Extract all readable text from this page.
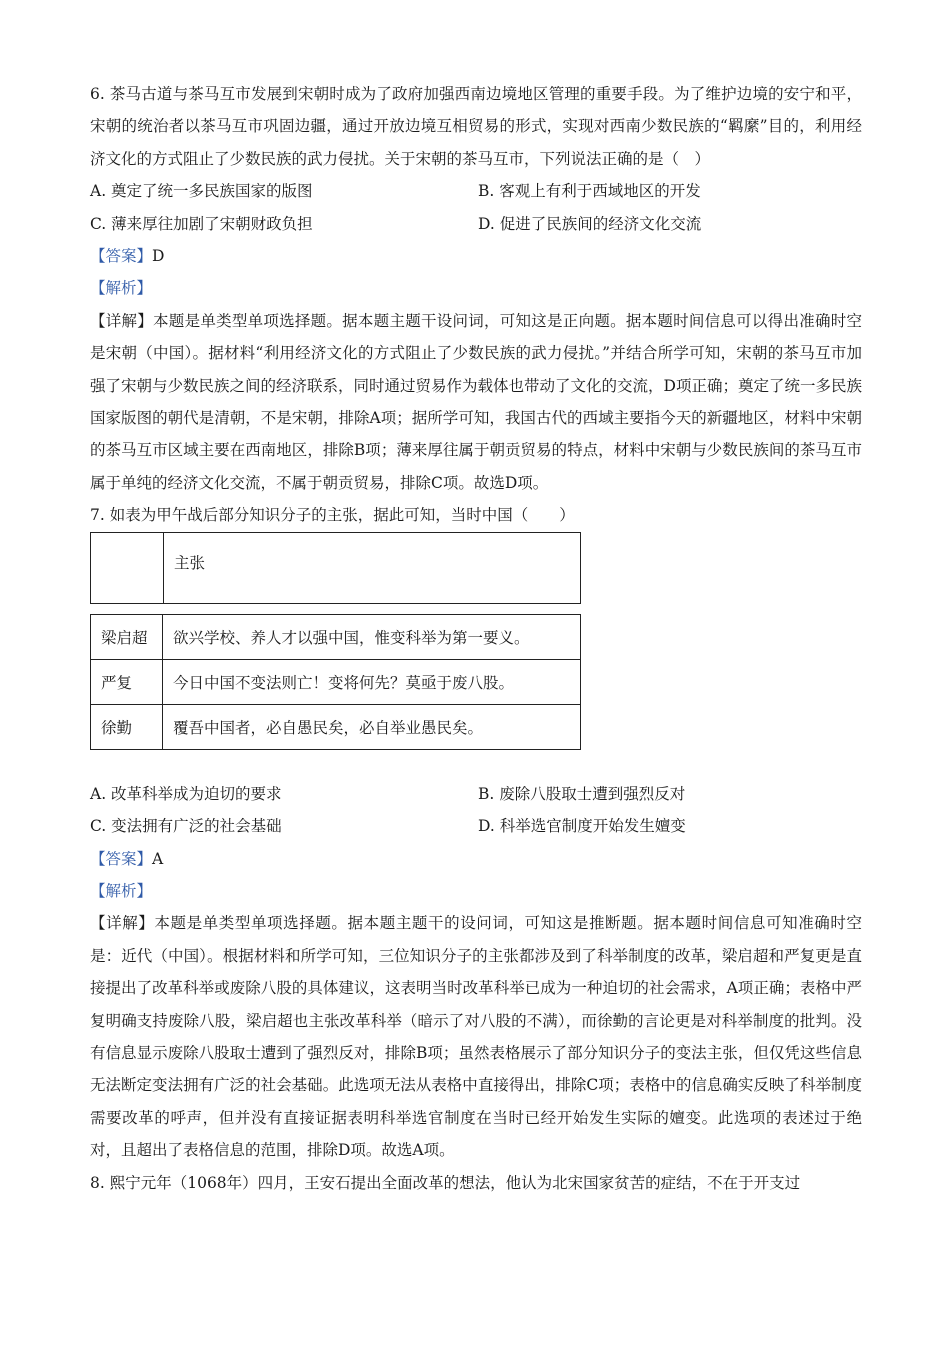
6. 茶马古道与茶马互市发展到宋朝时成为了政府加强西南边境地区管理的重要手段。为了维护边境的安宁和平，宋朝的统治者以茶马互市巩固边疆，通过开放边境互相贸易的形式，实现对西南少数民族的“羁縻”目的，利用经济文化的方式阻止了少数民族的武力侵扰。关于宋朝的茶马互市，下列说法正确的是（　）

A. 奠定了统一多民族国家的版图	B. 客观上有利于西域地区的开发
C. 薄来厚往加剧了宋朝财政负担	D. 促进了民族间的经济文化交流

【答案】D

【解析】

【详解】本题是单类型单项选择题。据本题主题干设问词，可知这是正向题。据本题时间信息可以得出准确时空是宋朝（中国）。据材料“利用经济文化的方式阻止了少数民族的武力侵扰。”并结合所学可知，宋朝的茶马互市加强了宋朝与少数民族之间的经济联系，同时通过贸易作为载体也带动了文化的交流，D项正确；奠定了统一多民族国家版图的朝代是清朝，不是宋朝，排除A项；据所学可知，我国古代的西域主要指今天的新疆地区，材料中宋朝的茶马互市区域主要在西南地区，排除B项；薄来厚往属于朝贡贸易的特点，材料中宋朝与少数民族间的茶马互市属于单纯的经济文化交流，不属于朝贡贸易，排除C项。故选D项。

7. 如表为甲午战后部分知识分子的主张，据此可知，当时中国（　　）

	主张
梁启超	欲兴学校、养人才以强中国，惟变科举为第一要义。
严复	今日中国不变法则亡！变将何先？莫亟于废八股。
徐勤	覆吾中国者，必自愚民矣，必自举业愚民矣。
A. 改革科举成为迫切的要求	B. 废除八股取士遭到强烈反对
C. 变法拥有广泛的社会基础	D. 科举选官制度开始发生嬗变

【答案】A

【解析】

【详解】本题是单类型单项选择题。据本题主题干的设问词，可知这是推断题。据本题时间信息可知准确时空是：近代（中国）。根据材料和所学可知，三位知识分子的主张都涉及到了科举制度的改革，梁启超和严复更是直接提出了改革科举或废除八股的具体建议，这表明当时改革科举已成为一种迫切的社会需求，A项正确；表格中严复明确支持废除八股，梁启超也主张改革科举（暗示了对八股的不满），而徐勤的言论更是对科举制度的批判。没有信息显示废除八股取士遭到了强烈反对，排除B项；虽然表格展示了部分知识分子的变法主张，但仅凭这些信息无法断定变法拥有广泛的社会基础。此选项无法从表格中直接得出，排除C项；表格中的信息确实反映了科举制度需要改革的呼声，但并没有直接证据表明科举选官制度在当时已经开始发生实际的嬗变。此选项的表述过于绝对，且超出了表格信息的范围，排除D项。故选A项。

8. 熙宁元年（1068年）四月，王安石提出全面改革的想法，他认为北宋国家贫苦的症结，不在于开支过
